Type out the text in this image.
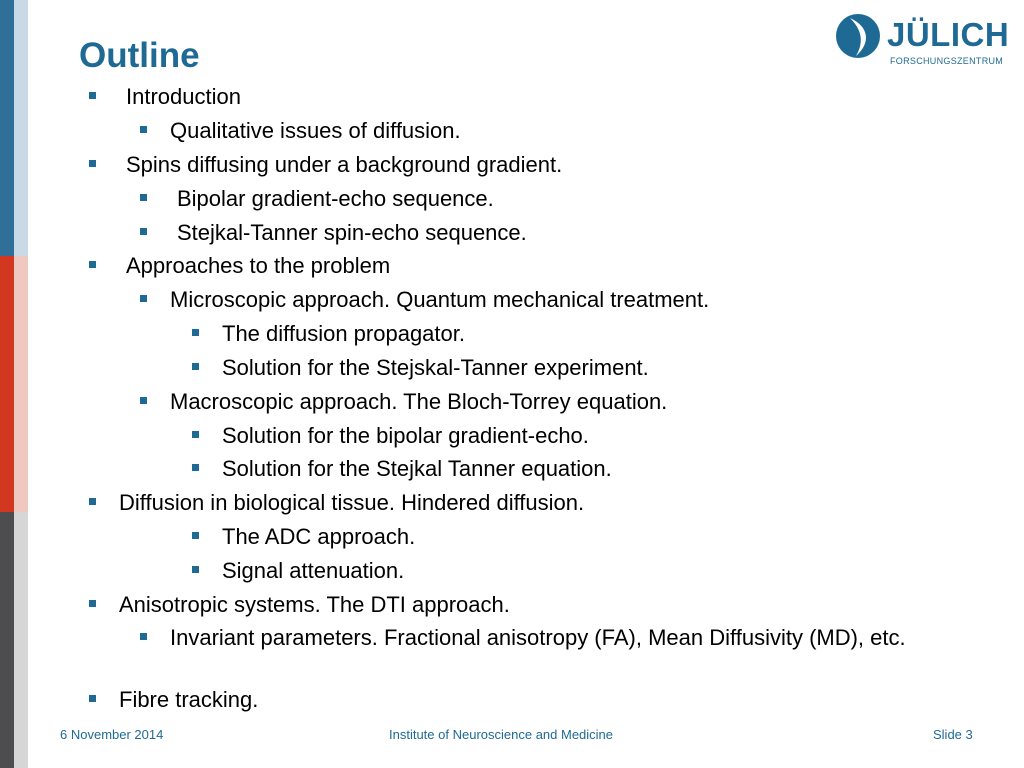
Outline
JÜLICH
FORSCHUNGSZENTRUM
Introduction
Qualitative issues of diffusion.
Spins diffusing under a background gradient.
Bipolar gradient-echo sequence.
Stejkal-Tanner spin-echo sequence.
Approaches to the problem
Microscopic approach. Quantum mechanical treatment.
The diffusion propagator.
Solution for the Stejskal-Tanner experiment.
Macroscopic approach. The Bloch-Torrey equation.
Solution for the bipolar gradient-echo.
Solution for the Stejkal Tanner equation.
Diffusion in biological tissue. Hindered diffusion.
The ADC approach.
Signal attenuation.
Anisotropic systems. The DTI approach.
Invariant parameters. Fractional anisotropy (FA), Mean Diffusivity (MD), etc.
Fibre tracking.
6 November 2014	Institute of Neuroscience and Medicine	Slide 3
